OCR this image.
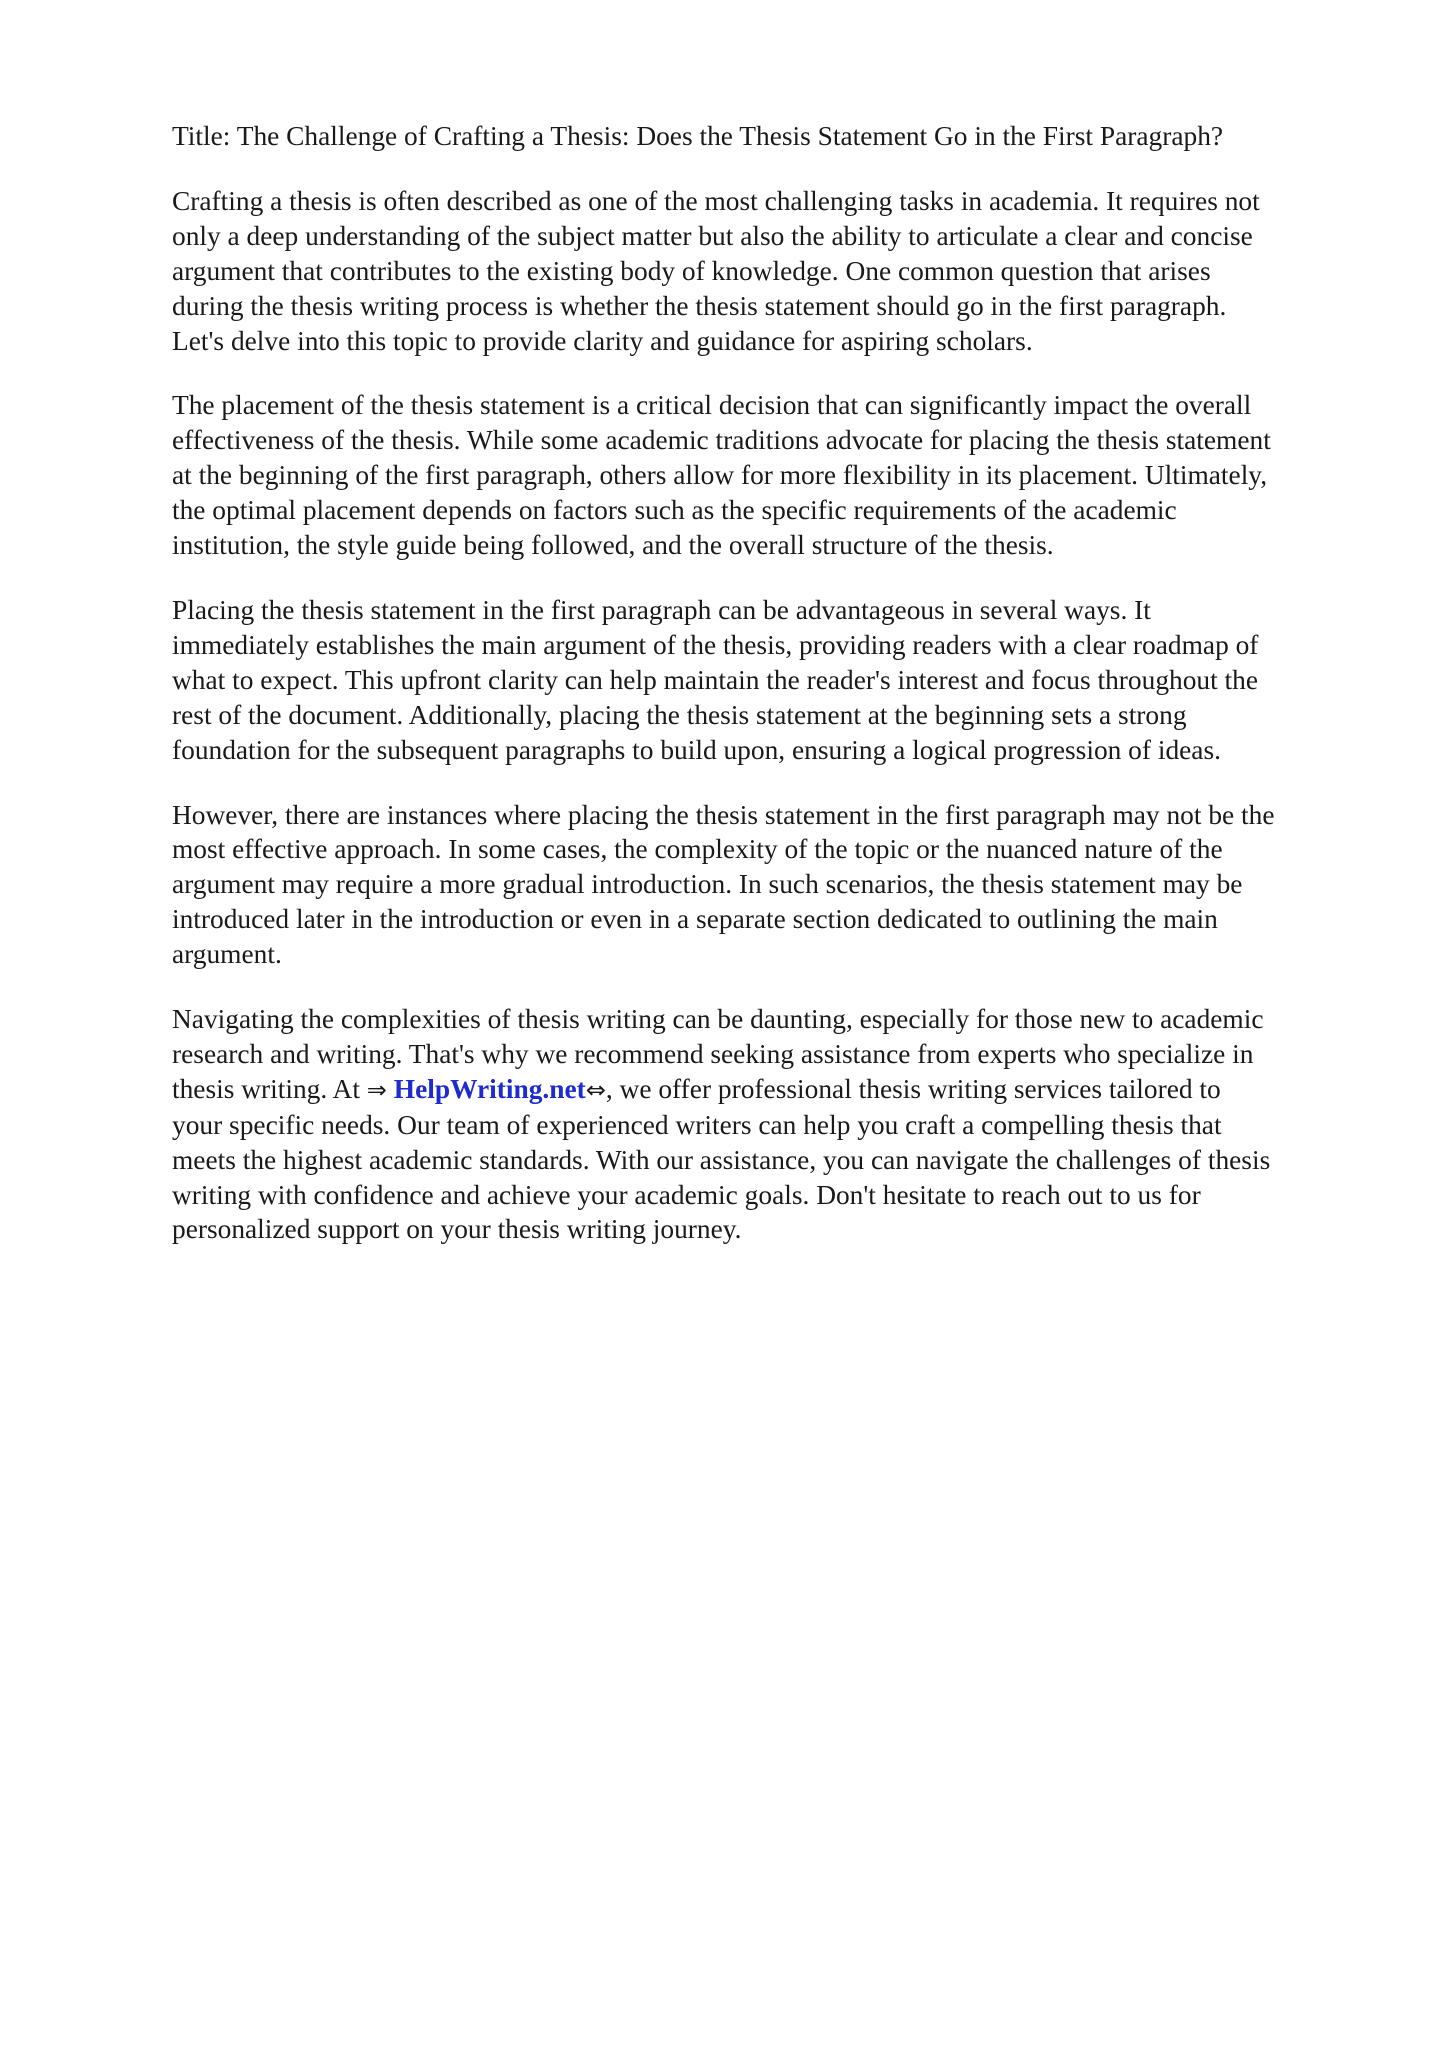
Title: The Challenge of Crafting a Thesis: Does the Thesis Statement Go in the First Paragraph?

Crafting a thesis is often described as one of the most challenging tasks in academia. It requires not
only a deep understanding of the subject matter but also the ability to articulate a clear and concise
argument that contributes to the existing body of knowledge. One common question that arises
during the thesis writing process is whether the thesis statement should go in the first paragraph.
Let's delve into this topic to provide clarity and guidance for aspiring scholars.

The placement of the thesis statement is a critical decision that can significantly impact the overall
effectiveness of the thesis. While some academic traditions advocate for placing the thesis statement
at the beginning of the first paragraph, others allow for more flexibility in its placement. Ultimately,
the optimal placement depends on factors such as the specific requirements of the academic
institution, the style guide being followed, and the overall structure of the thesis.

Placing the thesis statement in the first paragraph can be advantageous in several ways. It
immediately establishes the main argument of the thesis, providing readers with a clear roadmap of
what to expect. This upfront clarity can help maintain the reader's interest and focus throughout the
rest of the document. Additionally, placing the thesis statement at the beginning sets a strong
foundation for the subsequent paragraphs to build upon, ensuring a logical progression of ideas.

However, there are instances where placing the thesis statement in the first paragraph may not be the
most effective approach. In some cases, the complexity of the topic or the nuanced nature of the
argument may require a more gradual introduction. In such scenarios, the thesis statement may be
introduced later in the introduction or even in a separate section dedicated to outlining the main
argument.

Navigating the complexities of thesis writing can be daunting, especially for those new to academic
research and writing. That's why we recommend seeking assistance from experts who specialize in
thesis writing. At ⇒ HelpWriting.net⇔, we offer professional thesis writing services tailored to
your specific needs. Our team of experienced writers can help you craft a compelling thesis that
meets the highest academic standards. With our assistance, you can navigate the challenges of thesis
writing with confidence and achieve your academic goals. Don't hesitate to reach out to us for
personalized support on your thesis writing journey.
